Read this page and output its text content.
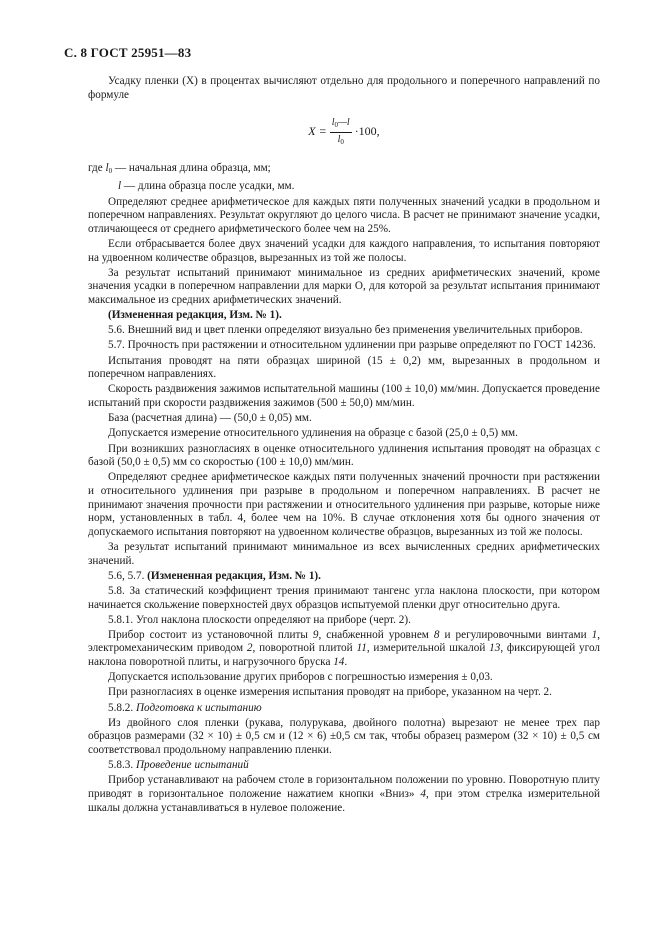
С. 8 ГОСТ 25951—83

Усадку пленки (X) в процентах вычисляют отдельно для продольного и поперечного направлений по формуле

$X = \frac{l_0—l}{l_0} \cdot 100$,

где $l_0$ — начальная длина образца, мм;

l — длина образца после усадки, мм.

Определяют среднее арифметическое для каждых пяти полученных значений усадки в продольном и поперечном направлениях. Результат округляют до целого числа. В расчет не принимают значение усадки, отличающееся от среднего арифметического более чем на 25%.

Если отбрасывается более двух значений усадки для каждого направления, то испытания повторяют на удвоенном количестве образцов, вырезанных из той же полосы.

За результат испытаний принимают минимальное из средних арифметических значений, кроме значения усадки в поперечном направлении для марки О, для которой за результат испытания принимают максимальное из средних арифметических значений.

(Измененная редакция, Изм. № 1).

5.6. Внешний вид и цвет пленки определяют визуально без применения увеличительных приборов.

5.7. Прочность при растяжении и относительном удлинении при разрыве определяют по ГОСТ 14236.

Испытания проводят на пяти образцах шириной (15 ± 0,2) мм, вырезанных в продольном и поперечном направлениях.

Скорость раздвижения зажимов испытательной машины (100 ± 10,0) мм/мин. Допускается проведение испытаний при скорости раздвижения зажимов (500 ± 50,0) мм/мин.

База (расчетная длина) — (50,0 ± 0,05) мм.

Допускается измерение относительного удлинения на образце с базой (25,0 ± 0,5) мм.

При возникших разногласиях в оценке относительного удлинения испытания проводят на образцах с базой (50,0 ± 0,5) мм со скоростью (100 ± 10,0) мм/мин.

Определяют среднее арифметическое каждых пяти полученных значений прочности при растяжении и относительного удлинения при разрыве в продольном и поперечном направлениях. В расчет не принимают значения прочности при растяжении и относительного удлинения при разрыве, которые ниже норм, установленных в табл. 4, более чем на 10%. В случае отклонения хотя бы одного значения от допускаемого испытания повторяют на удвоенном количестве образцов, вырезанных из той же полосы.

За результат испытаний принимают минимальное из всех вычисленных средних арифметических значений.

5.6, 5.7. (Измененная редакция, Изм. № 1).

5.8. За статический коэффициент трения принимают тангенс угла наклона плоскости, при котором начинается скольжение поверхностей двух образцов испытуемой пленки друг относительно друга.

5.8.1. Угол наклона плоскости определяют на приборе (черт. 2).

Прибор состоит из установочной плиты 9, снабженной уровнем 8 и регулировочными винтами 1, электромеханическим приводом 2, поворотной плитой 11, измерительной шкалой 13, фиксирующей угол наклона поворотной плиты, и нагрузочного бруска 14.

Допускается использование других приборов с погрешностью измерения ± 0,03.

При разногласиях в оценке измерения испытания проводят на приборе, указанном на черт. 2.

5.8.2. Подготовка к испытанию

Из двойного слоя пленки (рукава, полурукава, двойного полотна) вырезают не менее трех пар образцов размерами (32 × 10) ± 0,5 см и (12 × 6) ±0,5 см так, чтобы образец размером (32 × 10) ± 0,5 см соответствовал продольному направлению пленки.

5.8.3. Проведение испытаний

Прибор устанавливают на рабочем столе в горизонтальном положении по уровню. Поворотную плиту приводят в горизонтальное положение нажатием кнопки «Вниз» 4, при этом стрелка измерительной шкалы должна устанавливаться в нулевое положение.
